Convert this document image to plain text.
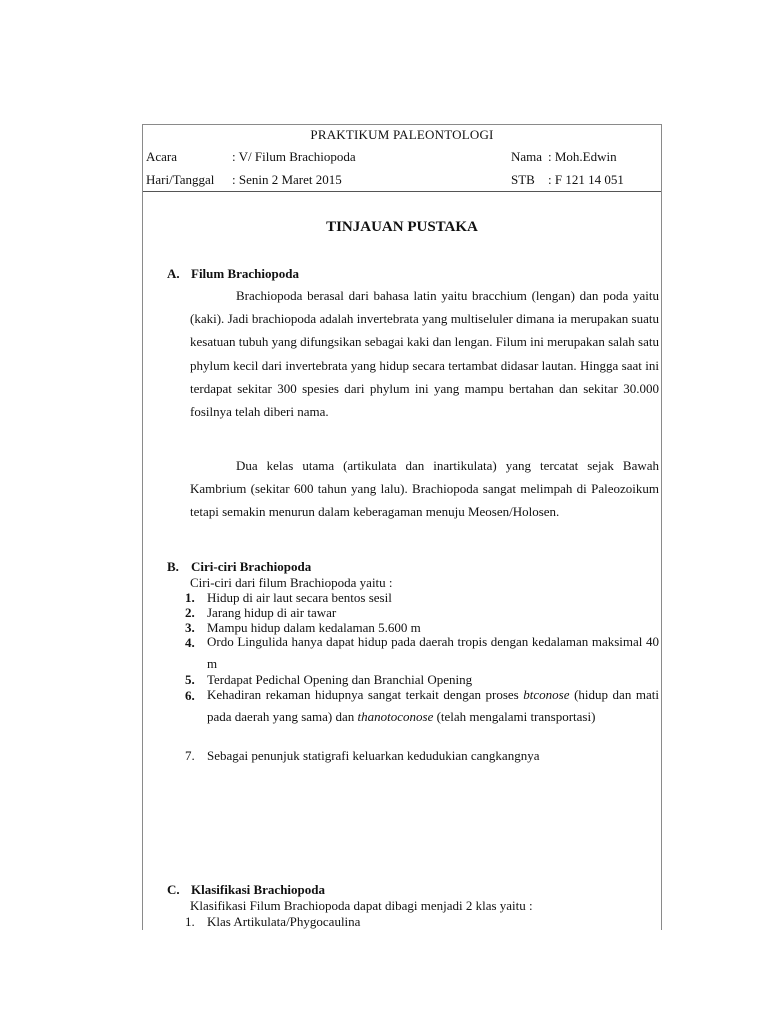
PRAKTIKUM PALEONTOLOGI
Acara	: V/ Filum Brachiopoda	Nama : Moh.Edwin
Hari/Tanggal : Senin 2 Maret 2015	STB : F 121 14 051
TINJAUAN PUSTAKA
A. Filum Brachiopoda

Brachiopoda berasal dari bahasa latin yaitu bracchium (lengan) dan poda yaitu (kaki). Jadi brachiopoda adalah invertebrata yang multiseluler dimana ia merupakan suatu kesatuan tubuh yang difungsikan sebagai kaki dan lengan. Filum ini merupakan salah satu phylum kecil dari invertebrata yang hidup secara tertambat didasar lautan. Hingga saat ini terdapat sekitar 300 spesies dari phylum ini yang mampu bertahan dan sekitar 30.000 fosilnya telah diberi nama.

Dua kelas utama (artikulata dan inartikulata) yang tercatat sejak Bawah Kambrium (sekitar 600 tahun yang lalu). Brachiopoda sangat melimpah di Paleozoikum tetapi semakin menurun dalam keberagaman menuju Meosen/Holosen.

B. Ciri-ciri Brachiopoda
Ciri-ciri dari filum Brachiopoda yaitu :
1. Hidup di air laut secara bentos sesil
2. Jarang hidup di air tawar
3. Mampu hidup dalam kedalaman 5.600 m
4. Ordo Lingulida hanya dapat hidup pada daerah tropis dengan kedalaman maksimal 40 m
5. Terdapat Pedichal Opening dan Branchial Opening
6. Kehadiran rekaman hidupnya sangat terkait dengan proses btconose (hidup dan mati pada daerah yang sama) dan thanotoconose (telah mengalami transportasi)
7. Sebagai penunjuk statigrafi keluarkan kedudukian cangkangnya
C. Klasifikasi Brachiopoda
Klasifikasi Filum Brachiopoda dapat dibagi menjadi 2 klas yaitu :
1. Klas Artikulata/Phygocaulina
